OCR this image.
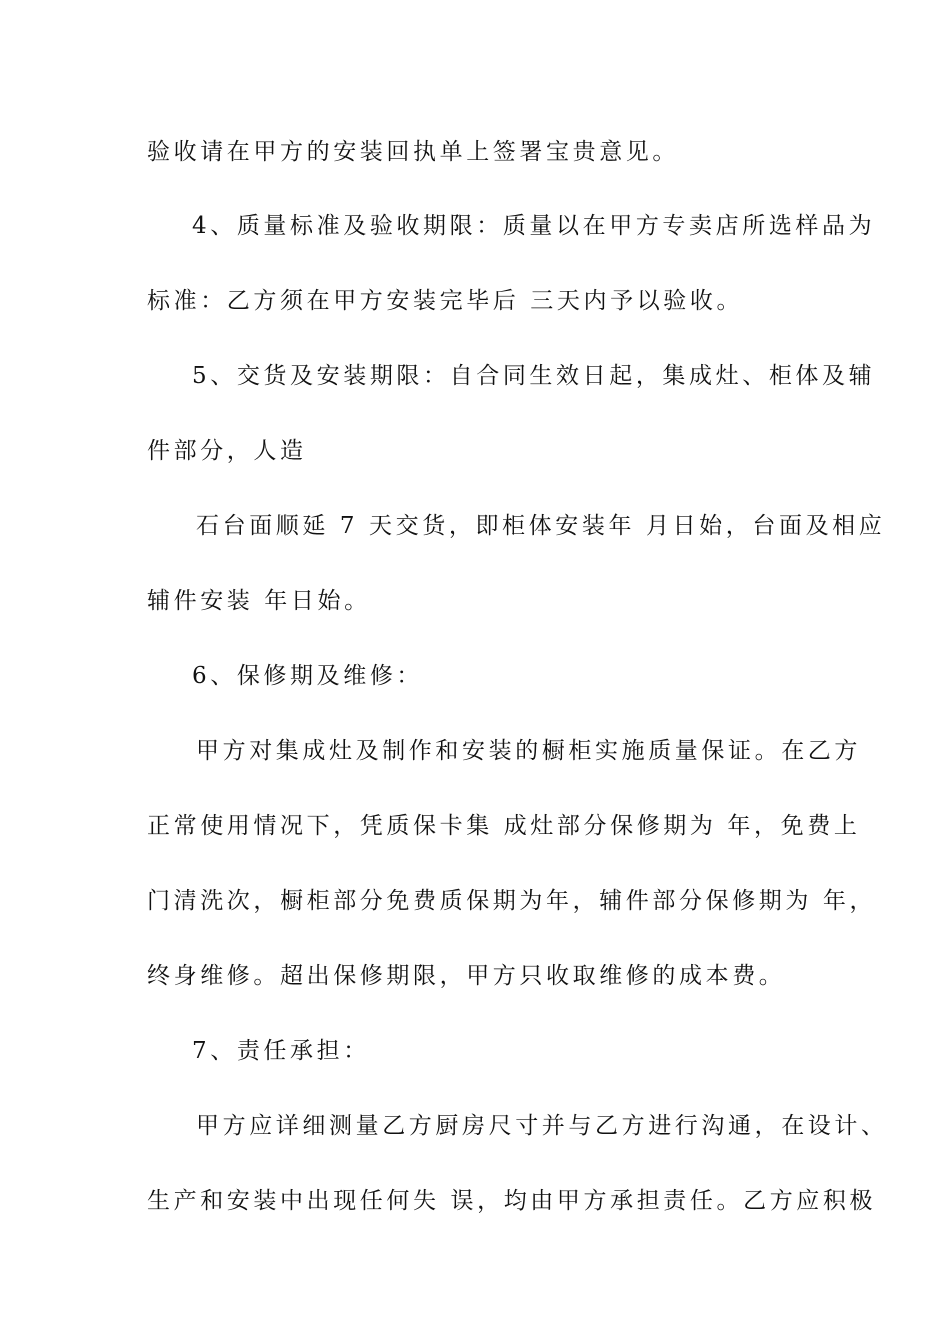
验收请在甲方的安装回执单上签署宝贵意见。
4、质量标准及验收期限：质量以在甲方专卖店所选样品为
标准：乙方须在甲方安装完毕后 三天内予以验收。
5、交货及安装期限：自合同生效日起，集成灶、柜体及辅
件部分，人造
石台面顺延 7 天交货，即柜体安装年 月日始，台面及相应
辅件安装 年日始。
6、保修期及维修：
甲方对集成灶及制作和安装的橱柜实施质量保证。在乙方
正常使用情况下，凭质保卡集 成灶部分保修期为 年，免费上
门清洗次，橱柜部分免费质保期为年，辅件部分保修期为 年，
终身维修。超出保修期限，甲方只收取维修的成本费。
7、责任承担：
甲方应详细测量乙方厨房尺寸并与乙方进行沟通，在设计、
生产和安装中出现任何失 误，均由甲方承担责任。乙方应积极
